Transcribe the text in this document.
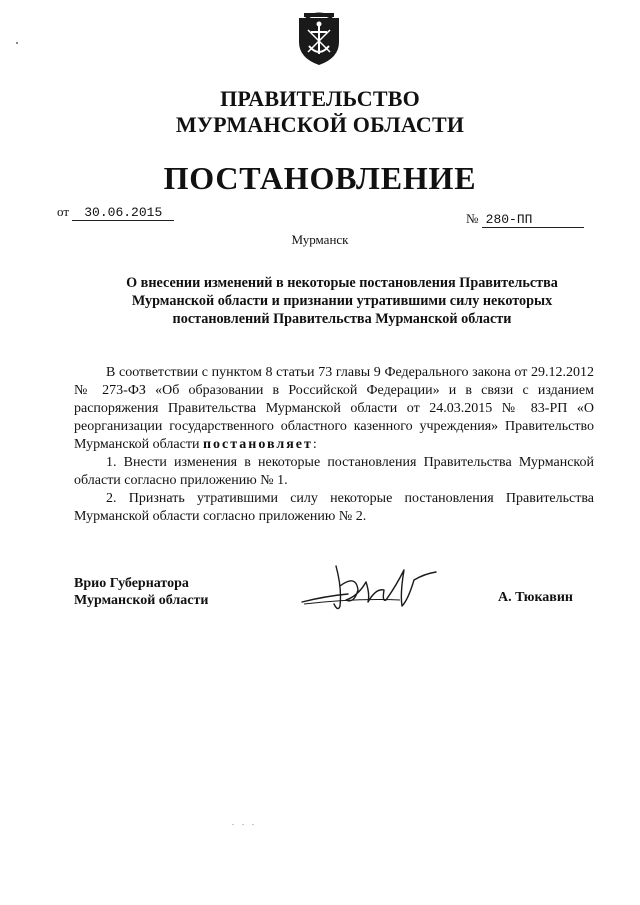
ПРАВИТЕЛЬСТВО
МУРМАНСКОЙ ОБЛАСТИ
ПОСТАНОВЛЕНИЕ
от 30.06.2015	№ 280-ПП
Мурманск
О внесении изменений в некоторые постановления Правительства
Мурманской области и признании утратившими силу некоторых
постановлений Правительства Мурманской области

В соответствии с пунктом 8 статьи 73 главы 9 Федерального закона от 29.12.2012 № 273-ФЗ «Об образовании в Российской Федерации» и в связи с изданием распоряжения Правительства Мурманской области от 24.03.2015 № 83-РП «О реорганизации государственного областного казенного учреждения» Правительство Мурманской области постановляет:

1. Внести изменения в некоторые постановления Правительства Мурманской области согласно приложению № 1.

2. Признать утратившими силу некоторые постановления Правительства Мурманской области согласно приложению № 2.

Врио Губернатора
Мурманской области	А. Тюкавин
. . .
